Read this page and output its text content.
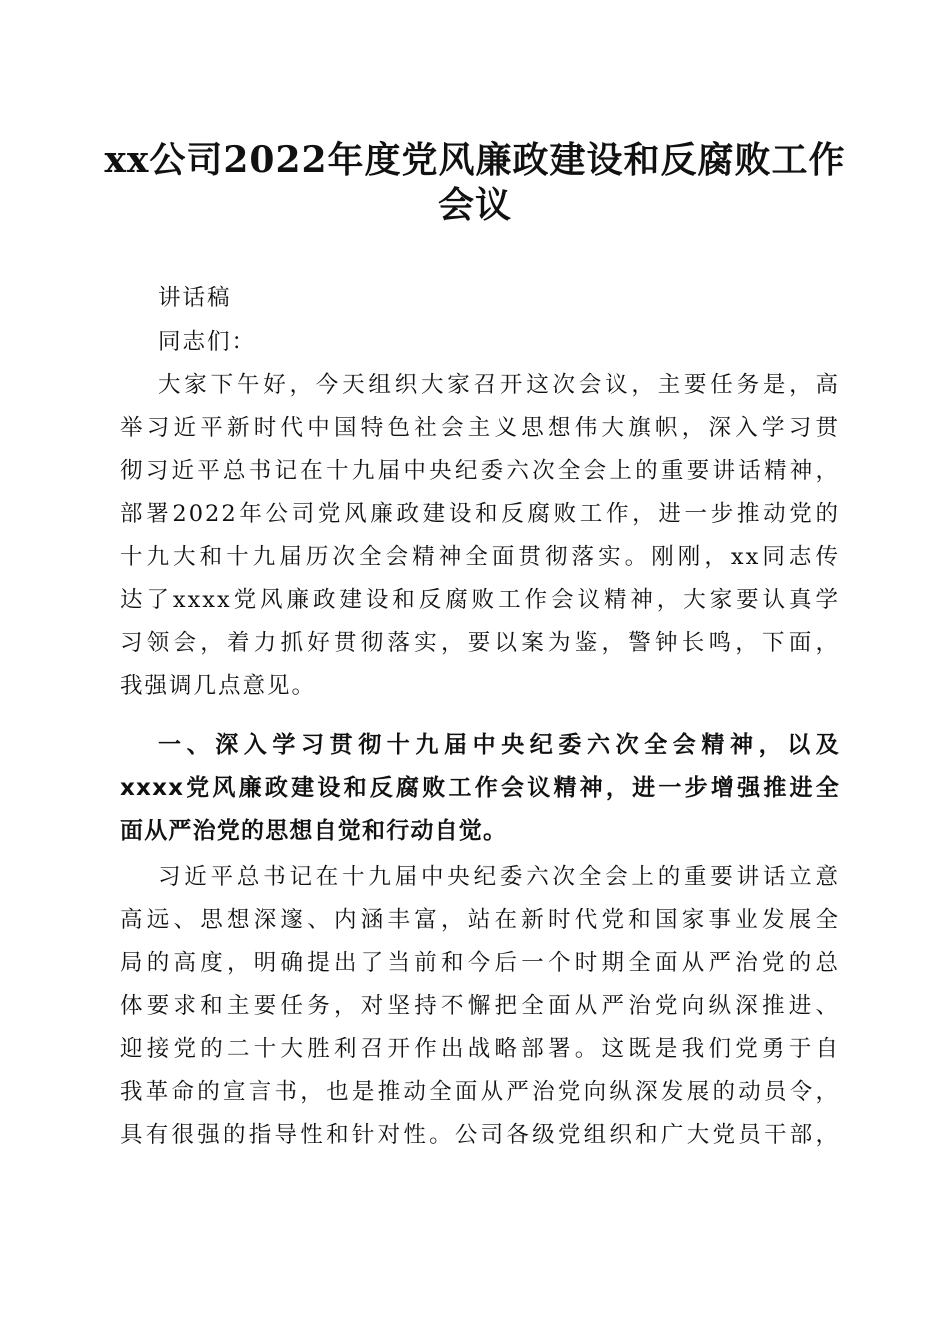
xx公司2022年度党风廉政建设和反腐败工作
会议
讲话稿
同志们：
大家下午好，今天组织大家召开这次会议，主要任务是，高
举习近平新时代中国特色社会主义思想伟大旗帜，深入学习贯
彻习近平总书记在十九届中央纪委六次全会上的重要讲话精神，
部署2022年公司党风廉政建设和反腐败工作，进一步推动党的
十九大和十九届历次全会精神全面贯彻落实。刚刚，xx同志传
达了xxxx党风廉政建设和反腐败工作会议精神，大家要认真学
习领会，着力抓好贯彻落实，要以案为鉴，警钟长鸣，下面，
我强调几点意见。
一、深入学习贯彻十九届中央纪委六次全会精神，以及
xxxx党风廉政建设和反腐败工作会议精神，进一步增强推进全
面从严治党的思想自觉和行动自觉。
习近平总书记在十九届中央纪委六次全会上的重要讲话立意
高远、思想深邃、内涵丰富，站在新时代党和国家事业发展全
局的高度，明确提出了当前和今后一个时期全面从严治党的总
体要求和主要任务，对坚持不懈把全面从严治党向纵深推进、
迎接党的二十大胜利召开作出战略部署。这既是我们党勇于自
我革命的宣言书，也是推动全面从严治党向纵深发展的动员令，
具有很强的指导性和针对性。公司各级党组织和广大党员干部，
